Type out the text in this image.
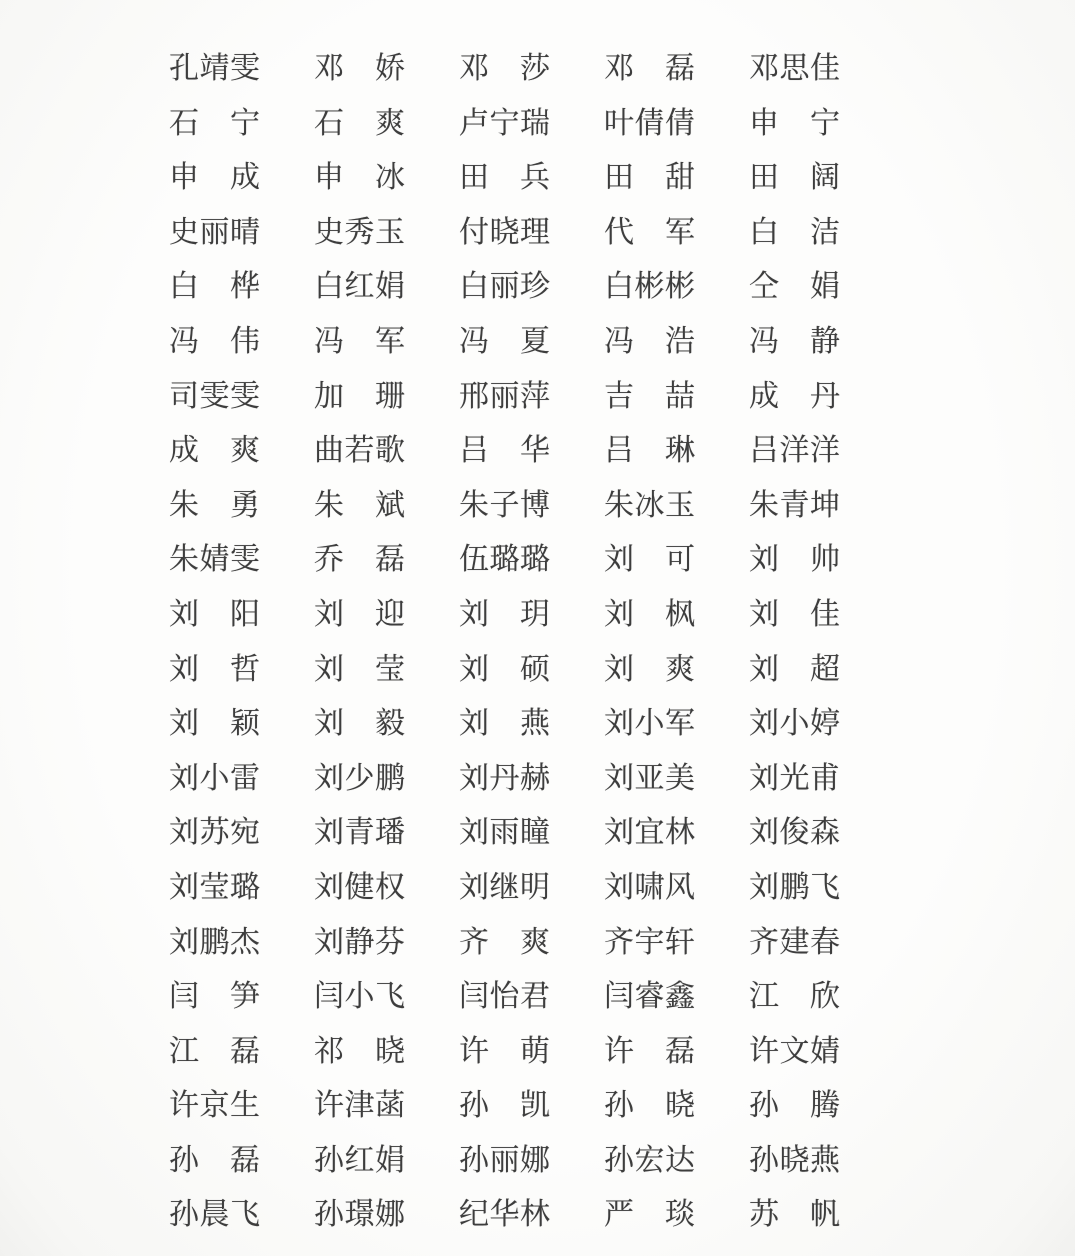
孔靖雯 邓　娇 邓　莎 邓　磊 邓思佳
石　宁 石　爽 卢宁瑞 叶倩倩 申　宁
申　成 申　冰 田　兵 田　甜 田　阔
史丽晴 史秀玉 付晓理 代　军 白　洁
白　桦 白红娟 白丽珍 白彬彬 仝　娟
冯　伟 冯　军 冯　夏 冯　浩 冯　静
司雯雯 加　珊 邢丽萍 吉　喆 成　丹
成　爽 曲若歌 吕　华 吕　琳 吕洋洋
朱　勇 朱　斌 朱子博 朱冰玉 朱青坤
朱婧雯 乔　磊 伍璐璐 刘　可 刘　帅
刘　阳 刘　迎 刘　玥 刘　枫 刘　佳
刘　哲 刘　莹 刘　硕 刘　爽 刘　超
刘　颖 刘　毅 刘　燕 刘小军 刘小婷
刘小雷 刘少鹏 刘丹赫 刘亚美 刘光甫
刘苏宛 刘青璠 刘雨瞳 刘宜林 刘俊森
刘莹璐 刘健权 刘继明 刘啸风 刘鹏飞
刘鹏杰 刘静芬 齐　爽 齐宇轩 齐建春
闫　笋 闫小飞 闫怡君 闫睿鑫 江　欣
江　磊 祁　晓 许　萌 许　磊 许文婧
许京生 许津菡 孙　凯 孙　晓 孙　腾
孙　磊 孙红娟 孙丽娜 孙宏达 孙晓燕
孙晨飞 孙璟娜 纪华林 严　琰 苏　帆
